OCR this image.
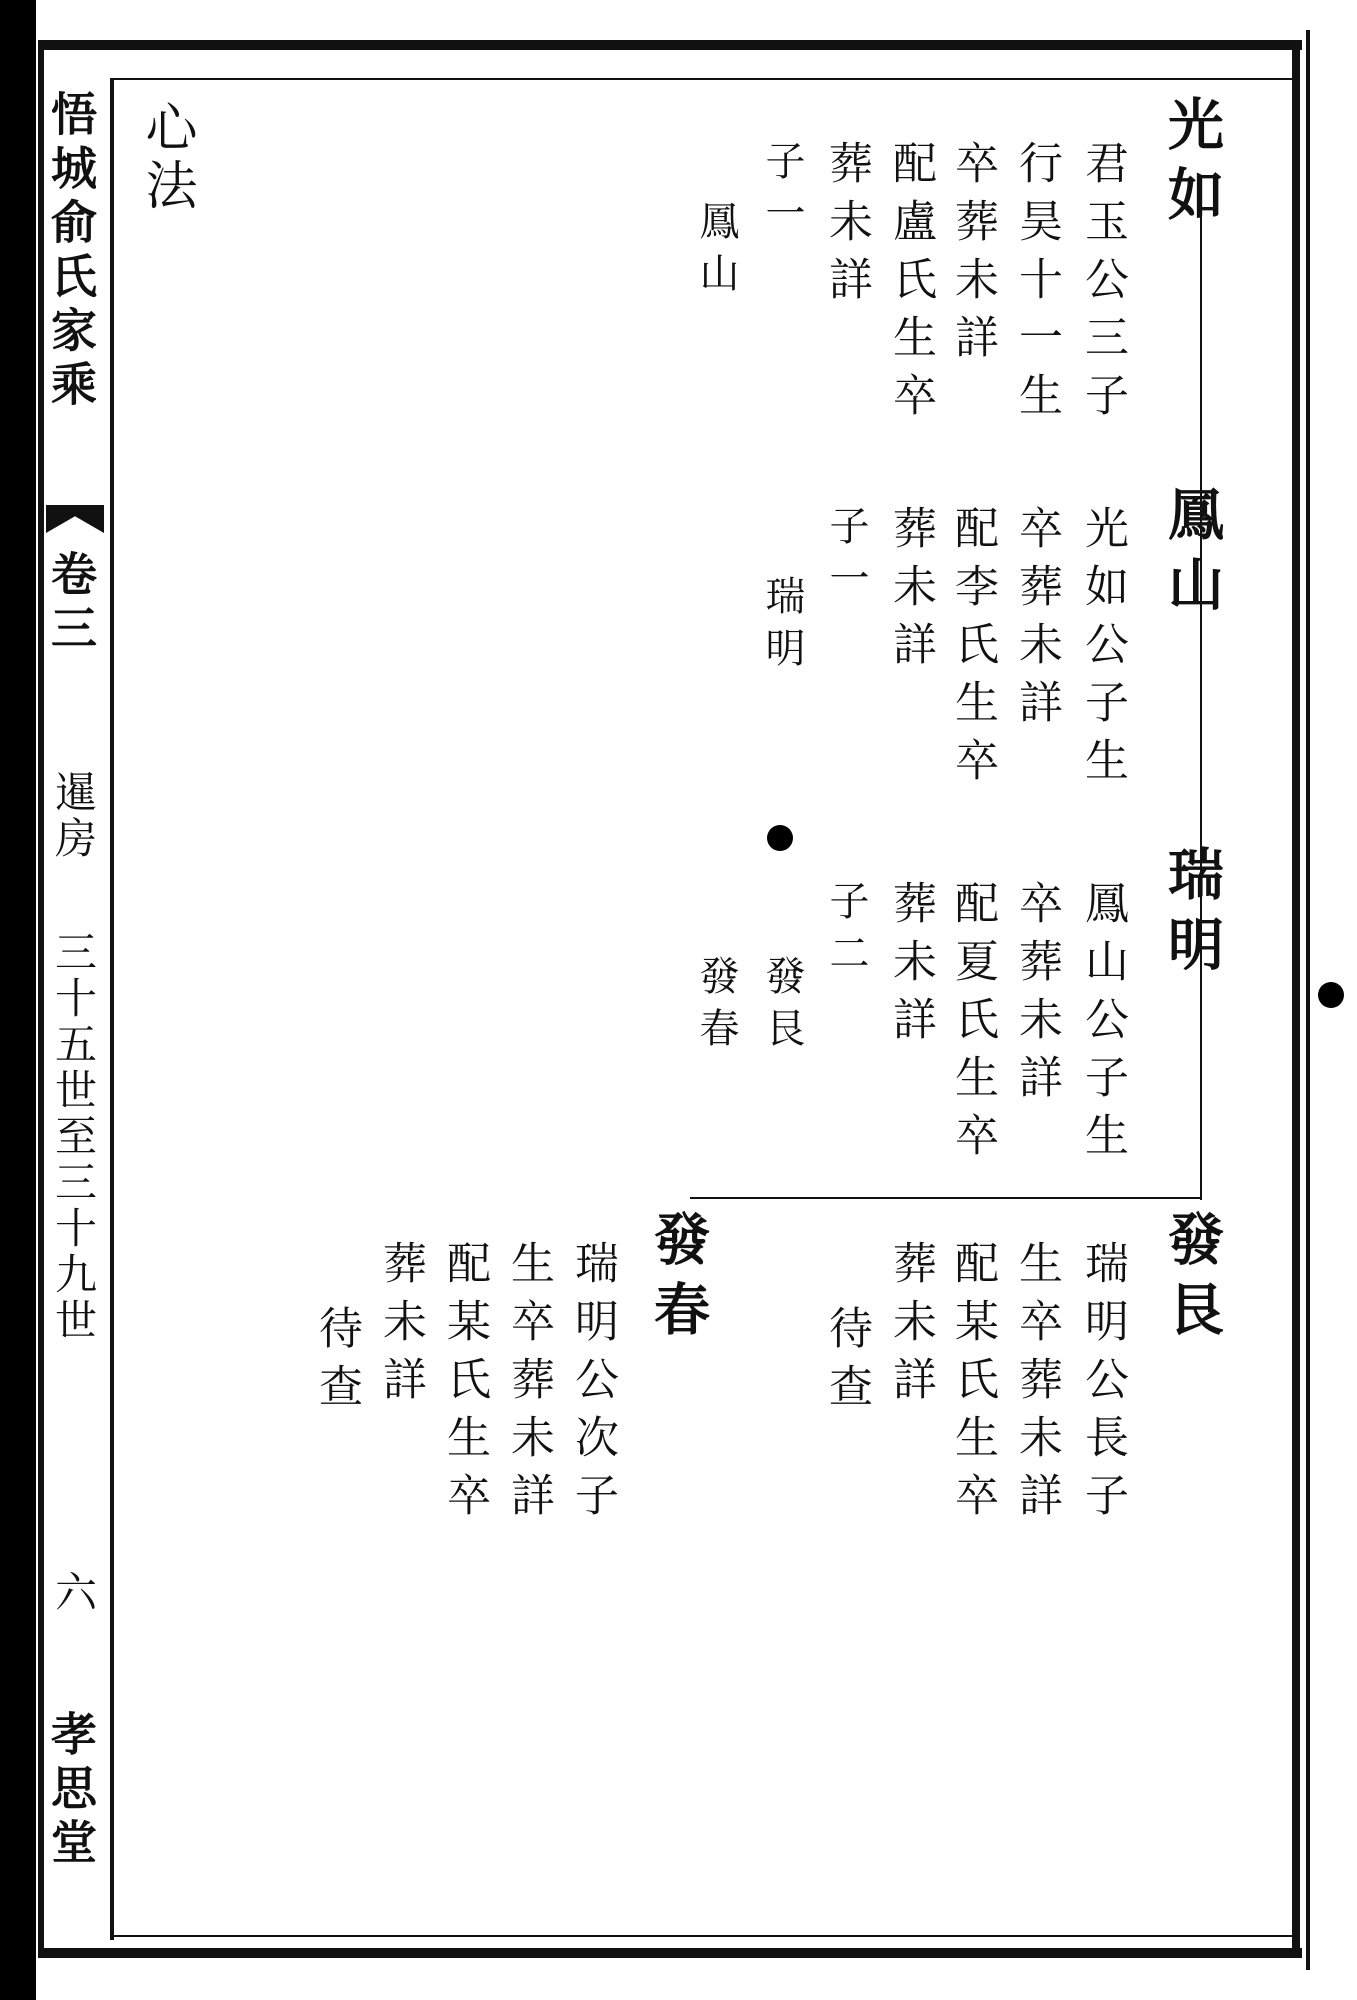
悟城俞氏家乘
卷三
暹房
三十五世至三十九世
六
孝思堂
心法	光如
君玉公三子
行昊十一生
卒葬未詳
配盧氏生卒
葬未詳
子一
鳳山
鳳山
光如公子生
卒葬未詳
配李氏生卒
葬未詳
子一
瑞明
瑞明
鳳山公子生
卒葬未詳
配夏氏生卒
葬未詳
子二
發艮
發春
發艮
瑞明公長子
生卒葬未詳
配某氏生卒
葬未詳
待查
發春
瑞明公次子
生卒葬未詳
配某氏生卒
葬未詳
待查
